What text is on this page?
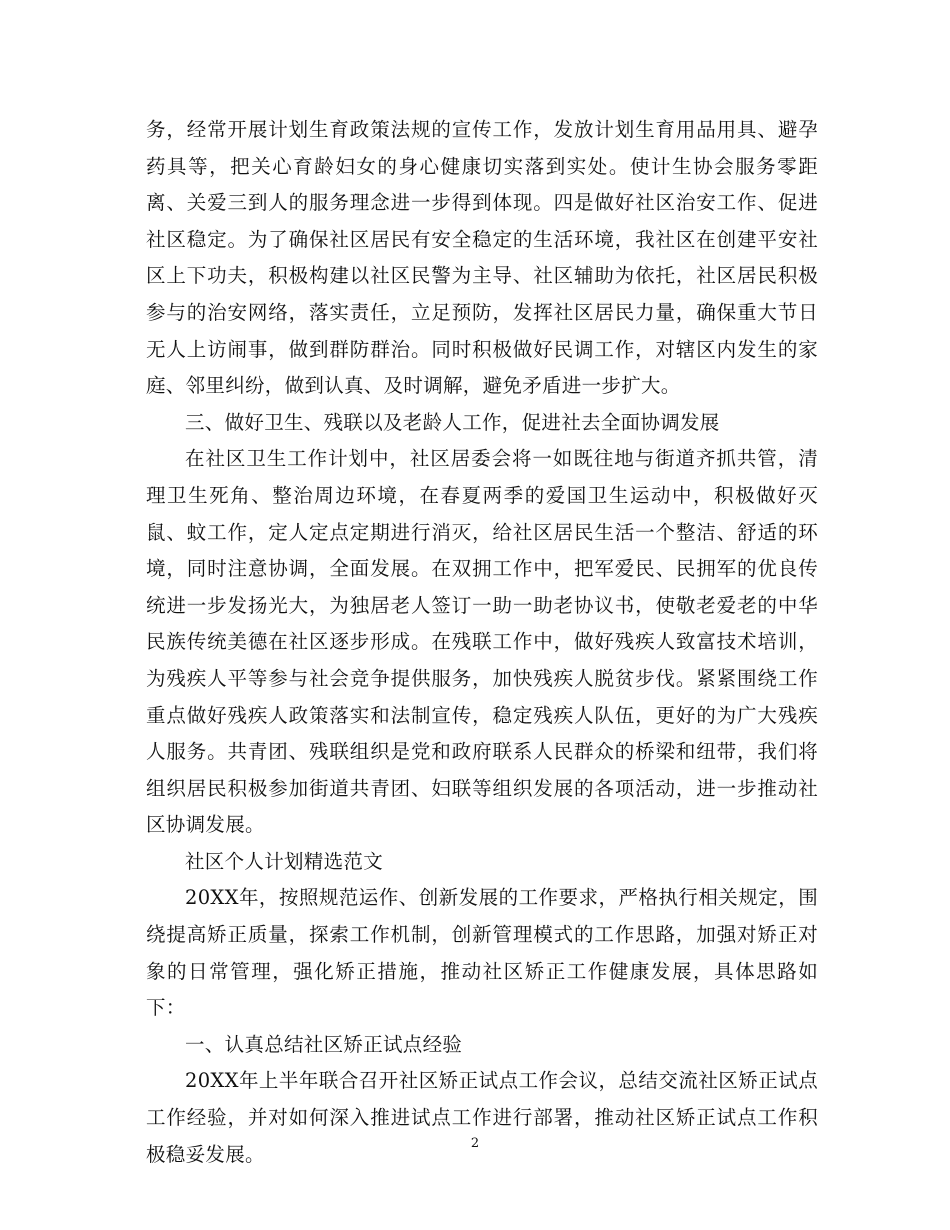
务，经常开展计划生育政策法规的宣传工作，发放计划生育用品用具、避孕药具等，把关心育龄妇女的身心健康切实落到实处。使计生协会服务零距离、关爱三到人的服务理念进一步得到体现。四是做好社区治安工作、促进社区稳定。为了确保社区居民有安全稳定的生活环境，我社区在创建平安社区上下功夫，积极构建以社区民警为主导、社区辅助为依托，社区居民积极参与的治安网络，落实责任，立足预防，发挥社区居民力量，确保重大节日无人上访闹事，做到群防群治。同时积极做好民调工作，对辖区内发生的家庭、邻里纠纷，做到认真、及时调解，避免矛盾进一步扩大。

三、做好卫生、残联以及老龄人工作，促进社去全面协调发展

在社区卫生工作计划中，社区居委会将一如既往地与街道齐抓共管，清理卫生死角、整治周边环境，在春夏两季的爱国卫生运动中，积极做好灭鼠、蚊工作，定人定点定期进行消灭，给社区居民生活一个整洁、舒适的环境，同时注意协调，全面发展。在双拥工作中，把军爱民、民拥军的优良传统进一步发扬光大，为独居老人签订一助一助老协议书，使敬老爱老的中华民族传统美德在社区逐步形成。在残联工作中，做好残疾人致富技术培训，为残疾人平等参与社会竞争提供服务，加快残疾人脱贫步伐。紧紧围绕工作重点做好残疾人政策落实和法制宣传，稳定残疾人队伍，更好的为广大残疾人服务。共青团、残联组织是党和政府联系人民群众的桥梁和纽带，我们将组织居民积极参加街道共青团、妇联等组织发展的各项活动，进一步推动社区协调发展。

社区个人计划精选范文

20XX年，按照规范运作、创新发展的工作要求，严格执行相关规定，围绕提高矫正质量，探索工作机制，创新管理模式的工作思路，加强对矫正对象的日常管理，强化矫正措施，推动社区矫正工作健康发展，具体思路如下：

一、认真总结社区矫正试点经验

20XX年上半年联合召开社区矫正试点工作会议，总结交流社区矫正试点工作经验，并对如何深入推进试点工作进行部署，推动社区矫正试点工作积极稳妥发展。	2
